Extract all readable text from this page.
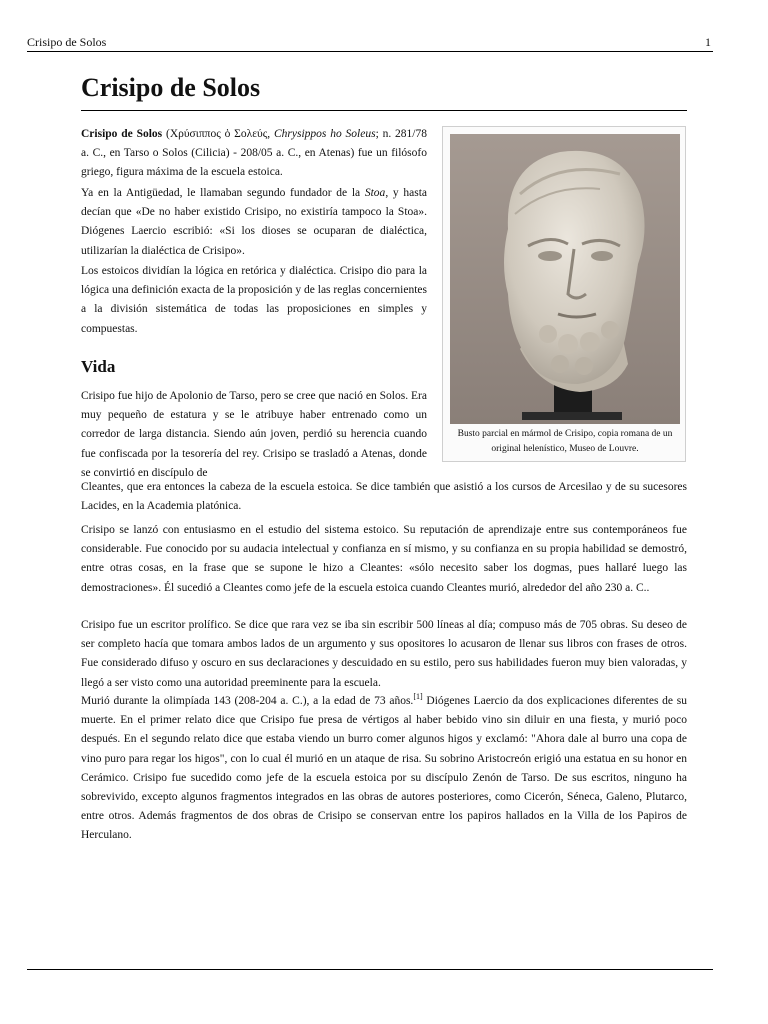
Crisipo de Solos	1
Crisipo de Solos

Crisipo de Solos (Χρύσιππος ὁ Σολεύς, Chrysippos ho Soleus; n. 281/78 a. C., en Tarso o Solos (Cilicia) - 208/05 a. C., en Atenas) fue un filósofo griego, figura máxima de la escuela estoica.

Ya en la Antigüedad, le llamaban segundo fundador de la Stoa, y hasta decían que «De no haber existido Crisipo, no existiría tampoco la Stoa». Diógenes Laercio escribió: «Si los dioses se ocuparan de dialéctica, utilizarían la dialéctica de Crisipo».

Los estoicos dividían la lógica en retórica y dialéctica. Crisipo dio para la lógica una definición exacta de la proposición y de las reglas concernientes a la división sistemática de todas las proposiciones en simples y compuestas.

Vida

Crisipo fue hijo de Apolonio de Tarso, pero se cree que nació en Solos. Era muy pequeño de estatura y se le atribuye haber entrenado como un corredor de larga distancia. Siendo aún joven, perdió su herencia cuando fue confiscada por la tesorería del rey. Crisipo se trasladó a Atenas, donde se convirtió en discípulo de

Cleantes, que era entonces la cabeza de la escuela estoica. Se dice también que asistió a los cursos de Arcesilao y de su sucesores Lacides, en la Academia platónica.

Crisipo se lanzó con entusiasmo en el estudio del sistema estoico. Su reputación de aprendizaje entre sus contemporáneos fue considerable. Fue conocido por su audacia intelectual y confianza en sí mismo, y su confianza en su propia habilidad se demostró, entre otras cosas, en la frase que se supone le hizo a Cleantes: «sólo necesito saber los dogmas, pues hallaré luego las demostraciones». Él sucedió a Cleantes como jefe de la escuela estoica cuando Cleantes murió, alrededor del año 230 a. C..

Crisipo fue un escritor prolífico. Se dice que rara vez se iba sin escribir 500 líneas al día; compuso más de 705 obras. Su deseo de ser completo hacía que tomara ambos lados de un argumento y sus opositores lo acusaron de llenar sus libros con frases de otros. Fue considerado difuso y oscuro en sus declaraciones y descuidado en su estilo, pero sus habilidades fueron muy bien valoradas, y llegó a ser visto como una autoridad preeminente para la escuela.

Murió durante la olimpíada 143 (208-204 a. C.), a la edad de 73 años.[1] Diógenes Laercio da dos explicaciones diferentes de su muerte. En el primer relato dice que Crisipo fue presa de vértigos al haber bebido vino sin diluir en una fiesta, y murió poco después. En el segundo relato dice que estaba viendo un burro comer algunos higos y exclamó: "Ahora dale al burro una copa de vino puro para regar los higos", con lo cual él murió en un ataque de risa. Su sobrino Aristocreón erigió una estatua en su honor en Cerámico. Crisipo fue sucedido como jefe de la escuela estoica por su discípulo Zenón de Tarso. De sus escritos, ninguno ha sobrevivido, excepto algunos fragmentos integrados en las obras de autores posteriores, como Cicerón, Séneca, Galeno, Plutarco, entre otros. Además fragmentos de dos obras de Crisipo se conservan entre los papiros hallados en la Villa de los Papiros de Herculano.

Busto parcial en mármol de Crisipo, copia romana de un original helenístico, Museo de Louvre.
